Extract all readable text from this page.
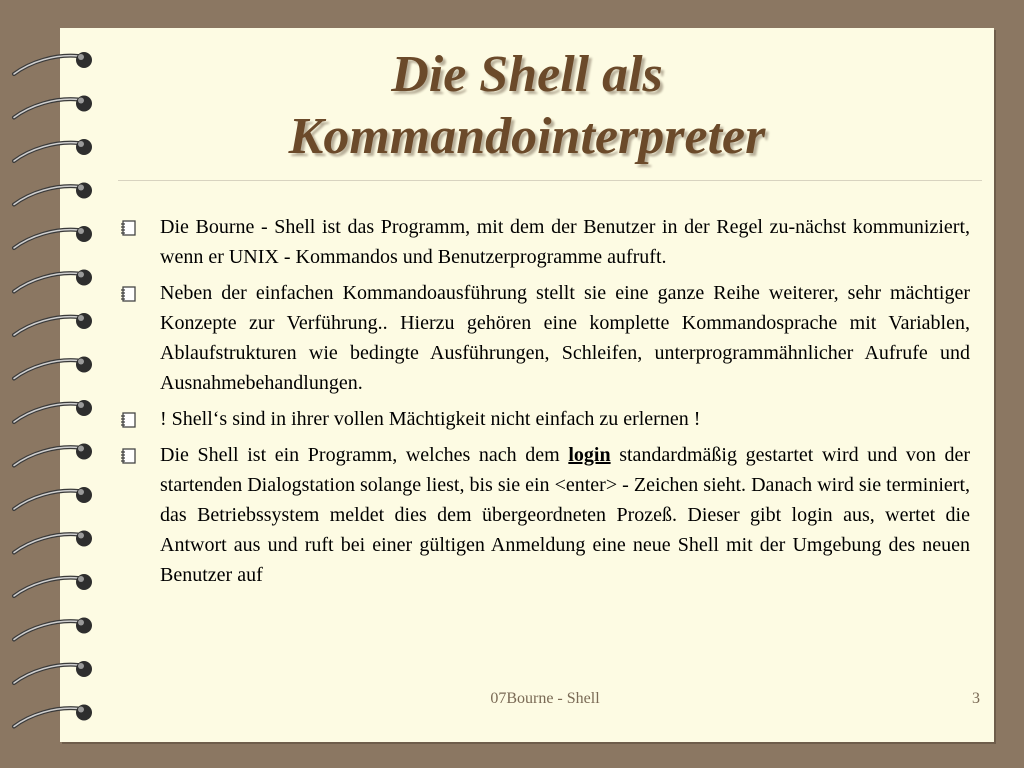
Die Shell als
Kommandointerpreter
Die Bourne - Shell ist das Programm, mit dem der Benutzer in der Regel zu-nächst kommuniziert, wenn er UNIX - Kommandos und Benutzerprogramme aufruft.
Neben der einfachen Kommandoausführung stellt sie eine ganze Reihe weiterer, sehr mächtiger Konzepte zur Verführung.. Hierzu gehören eine komplette Kommandosprache mit Variablen, Ablaufstrukturen wie bedingte Ausführungen, Schleifen, unterprogrammähnlicher Aufrufe und Ausnahmebehandlungen.
! Shell‘s sind in ihrer vollen Mächtigkeit nicht einfach zu erlernen !
Die Shell ist ein Programm, welches nach dem login standardmäßig gestartet wird und von der startenden Dialogstation solange liest, bis sie ein <enter> - Zeichen sieht. Danach wird sie terminiert, das Betriebssystem meldet dies dem übergeordneten Prozeß. Dieser gibt login aus, wertet die Antwort aus und ruft bei einer gültigen Anmeldung eine neue Shell mit der Umgebung des neuen Benutzer auf
07Bourne - Shell	3
